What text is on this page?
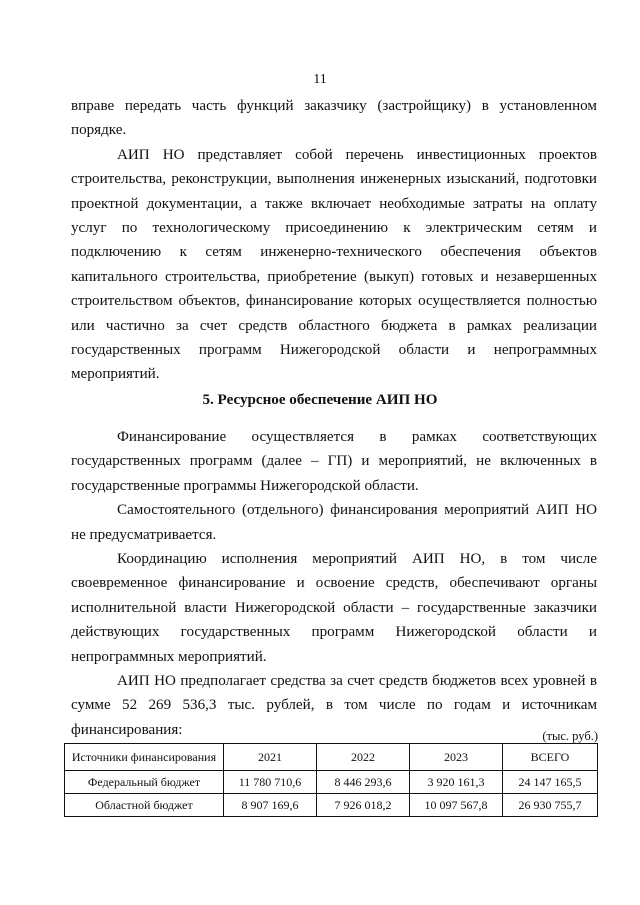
11

вправе передать часть функций заказчику (застройщику) в установленном порядке.

АИП НО представляет собой перечень инвестиционных проектов строительства, реконструкции, выполнения инженерных изысканий, подготовки проектной документации, а также включает необходимые затраты на оплату услуг по технологическому присоединению к электрическим сетям и подключению к сетям инженерно-технического обеспечения объектов капитального строительства, приобретение (выкуп) готовых и незавершенных строительством объектов, финансирование которых осуществляется полностью или частично за счет средств областного бюджета в рамках реализации государственных программ Нижегородской области и непрограммных мероприятий.

5. Ресурсное обеспечение АИП НО

Финансирование осуществляется в рамках соответствующих государственных программ (далее – ГП) и мероприятий, не включенных в государственные программы Нижегородской области.

Самостоятельного (отдельного) финансирования мероприятий АИП НО не предусматривается.

Координацию исполнения мероприятий АИП НО, в том числе своевременное финансирование и освоение средств, обеспечивают органы исполнительной власти Нижегородской области – государственные заказчики действующих государственных программ Нижегородской области и непрограммных мероприятий.

АИП НО предполагает средства за счет средств бюджетов всех уровней в сумме 52 269 536,3 тыс. рублей, в том числе по годам и источникам финансирования:	(тыс. руб.)
Источники финансирования	2021	2022	2023	ВСЕГО
Федеральный бюджет	11 780 710,6	8 446 293,6	3 920 161,3	24 147 165,5
Областной бюджет	8 907 169,6	7 926 018,2	10 097 567,8	26 930 755,7
